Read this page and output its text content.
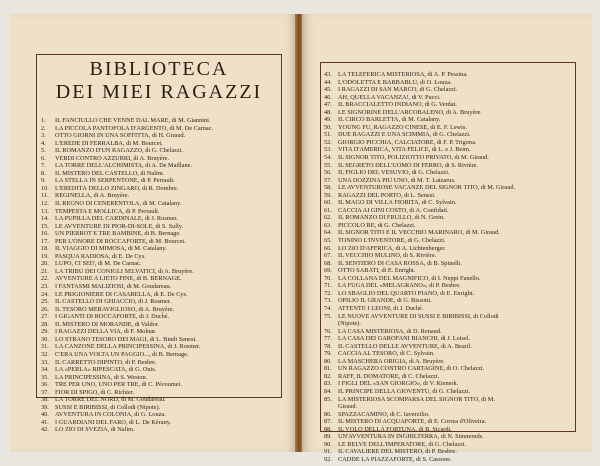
BIBLIOTECA
DEI MIEI RAGAZZI
1. IL FANCIULLO CHE VENNE DAL MARE, di M. Giannini.
2. LA PICCOLA PANTOFOLA D'ARGENTO, di M. De Carnac.
3. OTTO GIORNI IN UNA SOFFITTA, di H. Giraud.
4. L'EREDE DI FERRALBA, di M. Bourcet.
5. IL ROMANZO D'UN RAGAZZO, di G. Chelazzi.
6. VERDI CONTRO AZZURRI, di A. Bruyère.
7. LA TORRE DELL'ALCHIMISTA, di A. De Maillane.
8. IL MISTERO DEL CASTELLO, di Nalim.
9. LA STELLA IN SERPENTONE, di P. Perrault.
10. L'EREDITÀ DELLO ZINGARO, di R. Dombre.
11. REGINELLA, di A. Bruyère.
12. IL REGNO DI CENERENTOLA, di M. Catalany.
13. TEMPESTA E MOLLICA, di P. Perrault.
14. LA PUPILLA DEL CARDINALE, di J. Rosmer.
15. LE AVVENTURE DI PIOR-DI-SOLE, di S. Sully.
16. UN PIERROT E TRE BAMBINE, di B. Bernage.
17. PER L'ONORE DI ROCCAFORTE, di M. Bourcet.
18. IL VIAGGIO DI MIMOSA, di M. Catalany.
19. PASQUA RADIOSA, di E. De Cys.
20. LUPO, CI SEI?, di M. De Carnac.
21. LA TRIBÙ DEI CONIGLI SELVATICI, di A. Bruyère.
22. AVVENTURE A LIETO FINE, di B. BERNAGE.
23. I FANTASMI MALIZIOSI, di M. Goudareau.
24. LE PRIGIONIERE DI CASABELLA, di E. De Cys.
25. IL CASTELLO DI GHIACCIO, di J. Rosmer.
26. IL TESORO MERAVIGLIOSO, di A. Bruyère.
27. I GIGANTI DI ROCCAFORTE, di J. Duché.
28. IL MISTERO DI MORANDE, di Valdor.
29. I RAGAZZI DELLA VIA, di F. Molnar.
30. LO STRANO TESORO DEI MAGI, di L. Bindi Senesi.
31. LA CANZONE DELLA PRINCIPESSINA, di J. Rosmer.
32. C'ERA UNA VOLTA UN PAGGIO..., di B. Bernage.
33. IL CARRETTO DIPINTO, di P. Besbre.
34. LA «PERLA» RIPESCATA, di G. Ouis.
35. LA PRINCIPESSINA, di S. Weston.
36. TRE PER UNO, UNO PER TRE, di C. Pécoumei.
37. FIOR DI SPIGO, di C. Richter.
38. LA TORRE DEL NORD, di M. Goudareau.
39. SUSSI E BIRIBISSI, di Collodi (Nipote).
40. AVVENTURA IN COLONIA, di G. Louza.
41. I GUARDIANI DEL FARO, di L. De Kérany.
42. LO ZIO DI SVEZIA, di Nalim.
43. LA TELEFERICA MISTERIOSA, di A. P. Pessina.
44. L'ODOLETTA E BARBABLÙ, di O. Louza.
45. I RAGAZZI DI SAN MARCO, di G. Chelazzi.
46. AH, QUELLA VACANZA!, di V. Pucci.
47. IL BRACCIALETTO INDIANO, di G. Verdat.
48. LE SIGNORINE DELL'ARCOBALENO, di A. Bruyère.
49. IL CIRCO BARLETTA, di M. Catalany.
50. YOUNG FU, RAGAZZO CINESE, di E. F. Lewis.
51. DUE RAGAZZI E UNA SCIMMIA, di G. Chelazzi.
52. GIORGIO PICCHIA, CALCIATORE, di F. P. Trigona.
53. VITA D'AMERICA, VITA FELICE, di L. e J. Beim.
54. IL SIGNOR TITO, POLIZIOTTO PRIVATO, di M. Giraud.
55. IL SEGRETO DELL'UOMO DI FERRO, di S. Rivière.
56. IL FIGLIO DEL VESUVIO, di G. Chelazzi.
57. UNA DOZZINA PIÙ UNO, di M. T. Latzarus.
58. LE AVVENTUROSE VACANZE DEL SIGNOR TITO, di M. Giraud.
59. RAGAZZI DEL PORTO, di L. Senesi.
60. IL MAGO DI VILLA FIORITA, di C. Sylvain.
61. CACCIA AI GINI COSTO, di A. Confidati.
62. IL ROMANZO DI FRULLO, di N. Grein.
63. PICCOLO RE, di G. Chelazzi.
64. IL SIGNOR TITO E IL VECCHIO MARINARO, di M. Giraud.
65. TONINO L'INVENTORE, di G. Chelazzi.
66. LO ZIO D'AFFRICA, di A. Lichtenberger.
67. IL VECCHIO MULINO, di S. Rivière.
68. IL SENTIERO DI CASA ROSSA, di B. Spinelli.
69. OTTO SABATI, di E. Enright.
70. LA COLLANA DEL MAGNIFICO, di I. Neppi Fanello.
71. LA FUGA DEL «MELAGRANO», di P. Besbre.
72. LO SBAGLIO DEL QUARTO PIANO, di E. Enright.
73. OPILIO IL GRANDE, di G. Bissotti.
74. ATTENTI! I LEONI, di J. Duché.
75. LE NUOVE AVVENTURE DI SUSSI E BIRIBISSI, di Collodi
(Nipote).
76. LA CASA MISTERIOSA, di D. Renaud.
77. LA CASA DEI GAROFANI BIANCHI, di J. Loisel.
78. IL CASTELLO DELLE AVVENTURE, di A. Brazil.
79. CACCIA AL TESORO, di C. Sylvain.
80. LA MASCHERA ORIGIA, di A. Bruyère.
81. UN RAGAZZO CONTRO CARTAGINE, di O. Chelazzi.
82. RAFF, IL DOMATORE, di C. Chelazzi.
83. I FIGLI DEL «SAN GIORGIO», di V. Kienerk.
84. IL PRINCIPE DELLA GIOVENTÙ, di G. Chelazzi.
85. LA MISTERIOSA SCOMPARSA DEL SIGNOR TITO, di M.
Giraud.
86. SPAZZACAMINO, di C. Iaverzilio.
87. IL MISTERO DI ACQUAFORTE, di E. Correa d'Oliveira.
88. IL VOLO DELLA FORTUNA, di B. Sicardi.
89. UN'AVVENTURA IN INGHILTERRA, di N. Simmonds.
90. LE BELVE DELL'IMPERATORE, di G. Chelazzi.
91. IL CAVALIERE DEL MISTERO, di P. Besbre.
92. CADDE LA PIAZZAFORTE, di S. Cassone.
